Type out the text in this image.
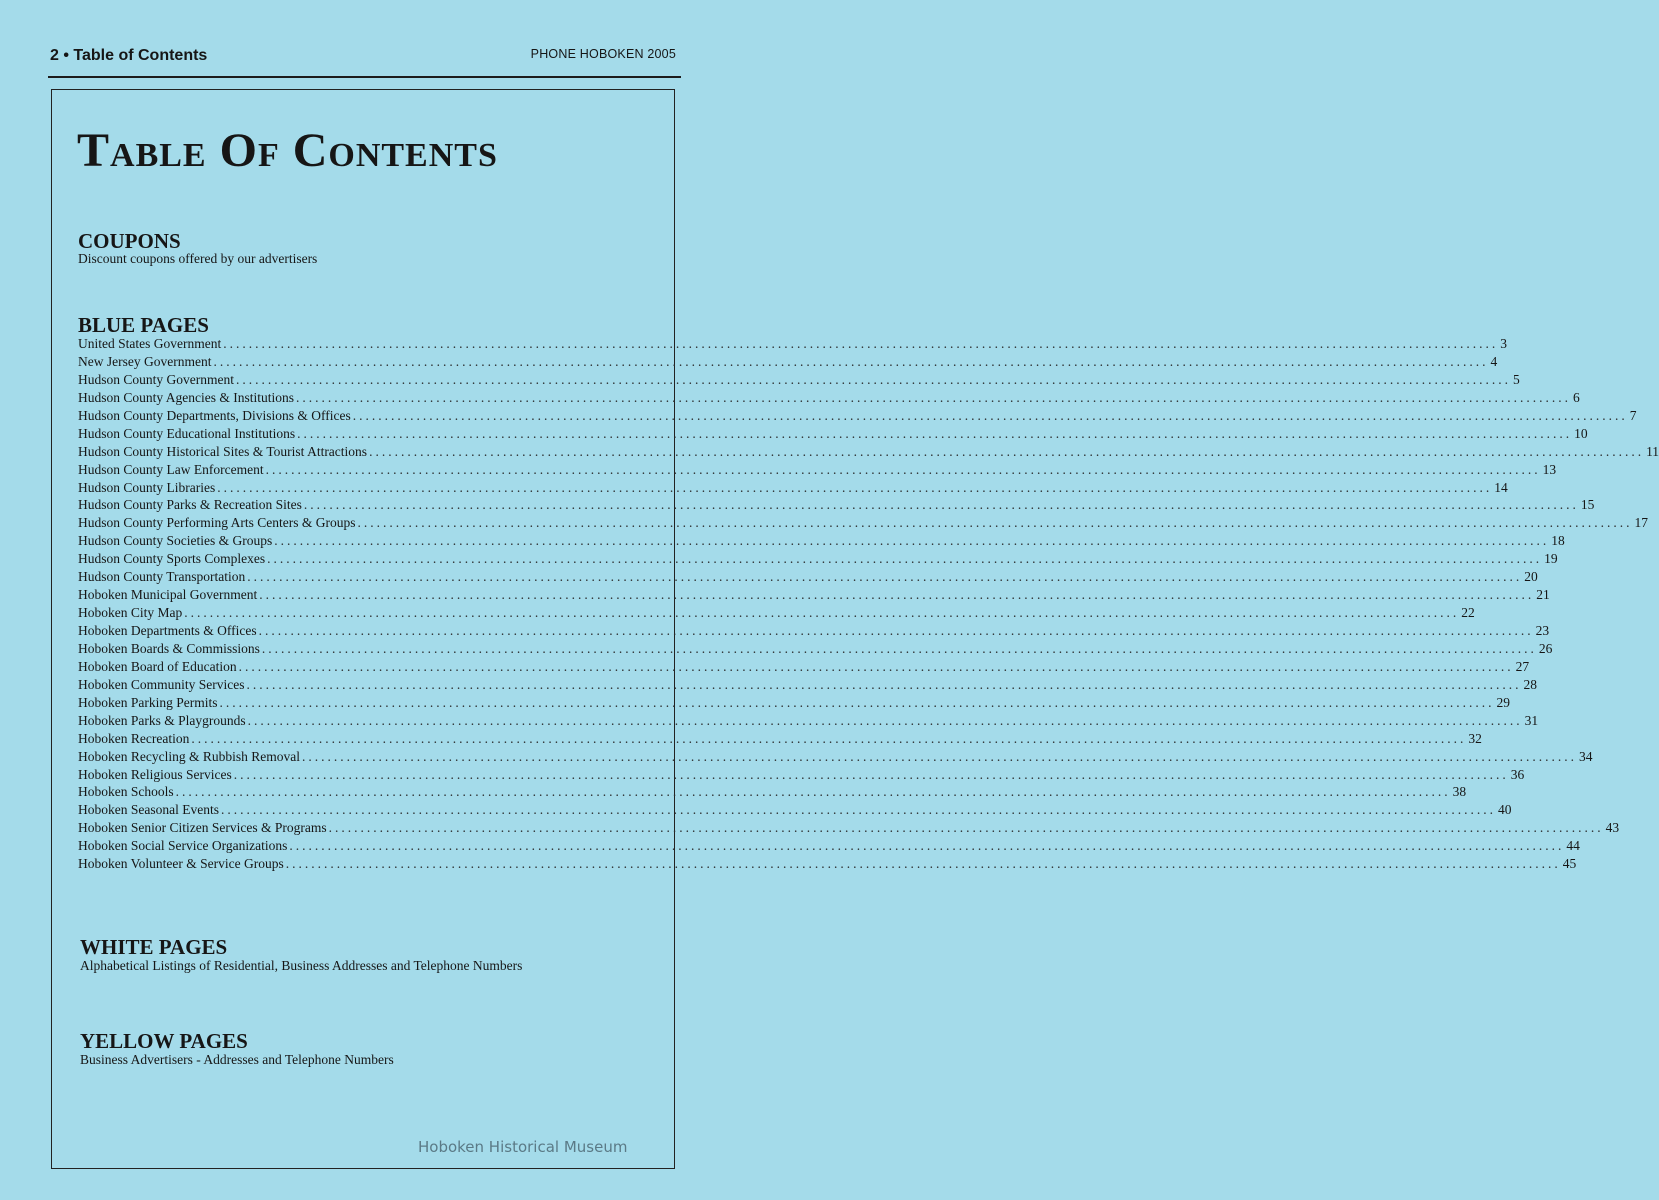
2 • Table of Contents	PHONE HOBOKEN 2005
Table Of Contents
COUPONS
Discount coupons offered by our advertisers
BLUE PAGES
United States Government ........................................................................................................................................................................................................ 3
New Jersey Government ........................................................................................................................................................................................................ 4
Hudson County Government ........................................................................................................................................................................................................ 5
Hudson County Agencies & Institutions ........................................................................................................................................................................................................ 6
Hudson County Departments, Divisions & Offices ........................................................................................................................................................................................................ 7
Hudson County Educational Institutions ........................................................................................................................................................................................................ 10
Hudson County Historical Sites & Tourist Attractions ........................................................................................................................................................................................................ 11
Hudson County Law Enforcement ........................................................................................................................................................................................................ 13
Hudson County Libraries ........................................................................................................................................................................................................ 14
Hudson County Parks & Recreation Sites ........................................................................................................................................................................................................ 15
Hudson County Performing Arts Centers & Groups ........................................................................................................................................................................................................ 17
Hudson County Societies & Groups ........................................................................................................................................................................................................ 18
Hudson County Sports Complexes ........................................................................................................................................................................................................ 19
Hudson County Transportation ........................................................................................................................................................................................................ 20
Hoboken Municipal Government ........................................................................................................................................................................................................ 21
Hoboken City Map ........................................................................................................................................................................................................ 22
Hoboken Departments & Offices ........................................................................................................................................................................................................ 23
Hoboken Boards & Commissions ........................................................................................................................................................................................................ 26
Hoboken Board of Education ........................................................................................................................................................................................................ 27
Hoboken Community Services ........................................................................................................................................................................................................ 28
Hoboken Parking Permits ........................................................................................................................................................................................................ 29
Hoboken Parks & Playgrounds ........................................................................................................................................................................................................ 31
Hoboken Recreation ........................................................................................................................................................................................................ 32
Hoboken Recycling & Rubbish Removal ........................................................................................................................................................................................................ 34
Hoboken Religious Services ........................................................................................................................................................................................................ 36
Hoboken Schools ........................................................................................................................................................................................................ 38
Hoboken Seasonal Events ........................................................................................................................................................................................................ 40
Hoboken Senior Citizen Services & Programs ........................................................................................................................................................................................................ 43
Hoboken Social Service Organizations ........................................................................................................................................................................................................ 44
Hoboken Volunteer & Service Groups ........................................................................................................................................................................................................ 45
WHITE PAGES
Alphabetical Listings of Residential, Business Addresses and Telephone Numbers
YELLOW PAGES
Business Advertisers - Addresses and Telephone Numbers
Hoboken Historical Museum
